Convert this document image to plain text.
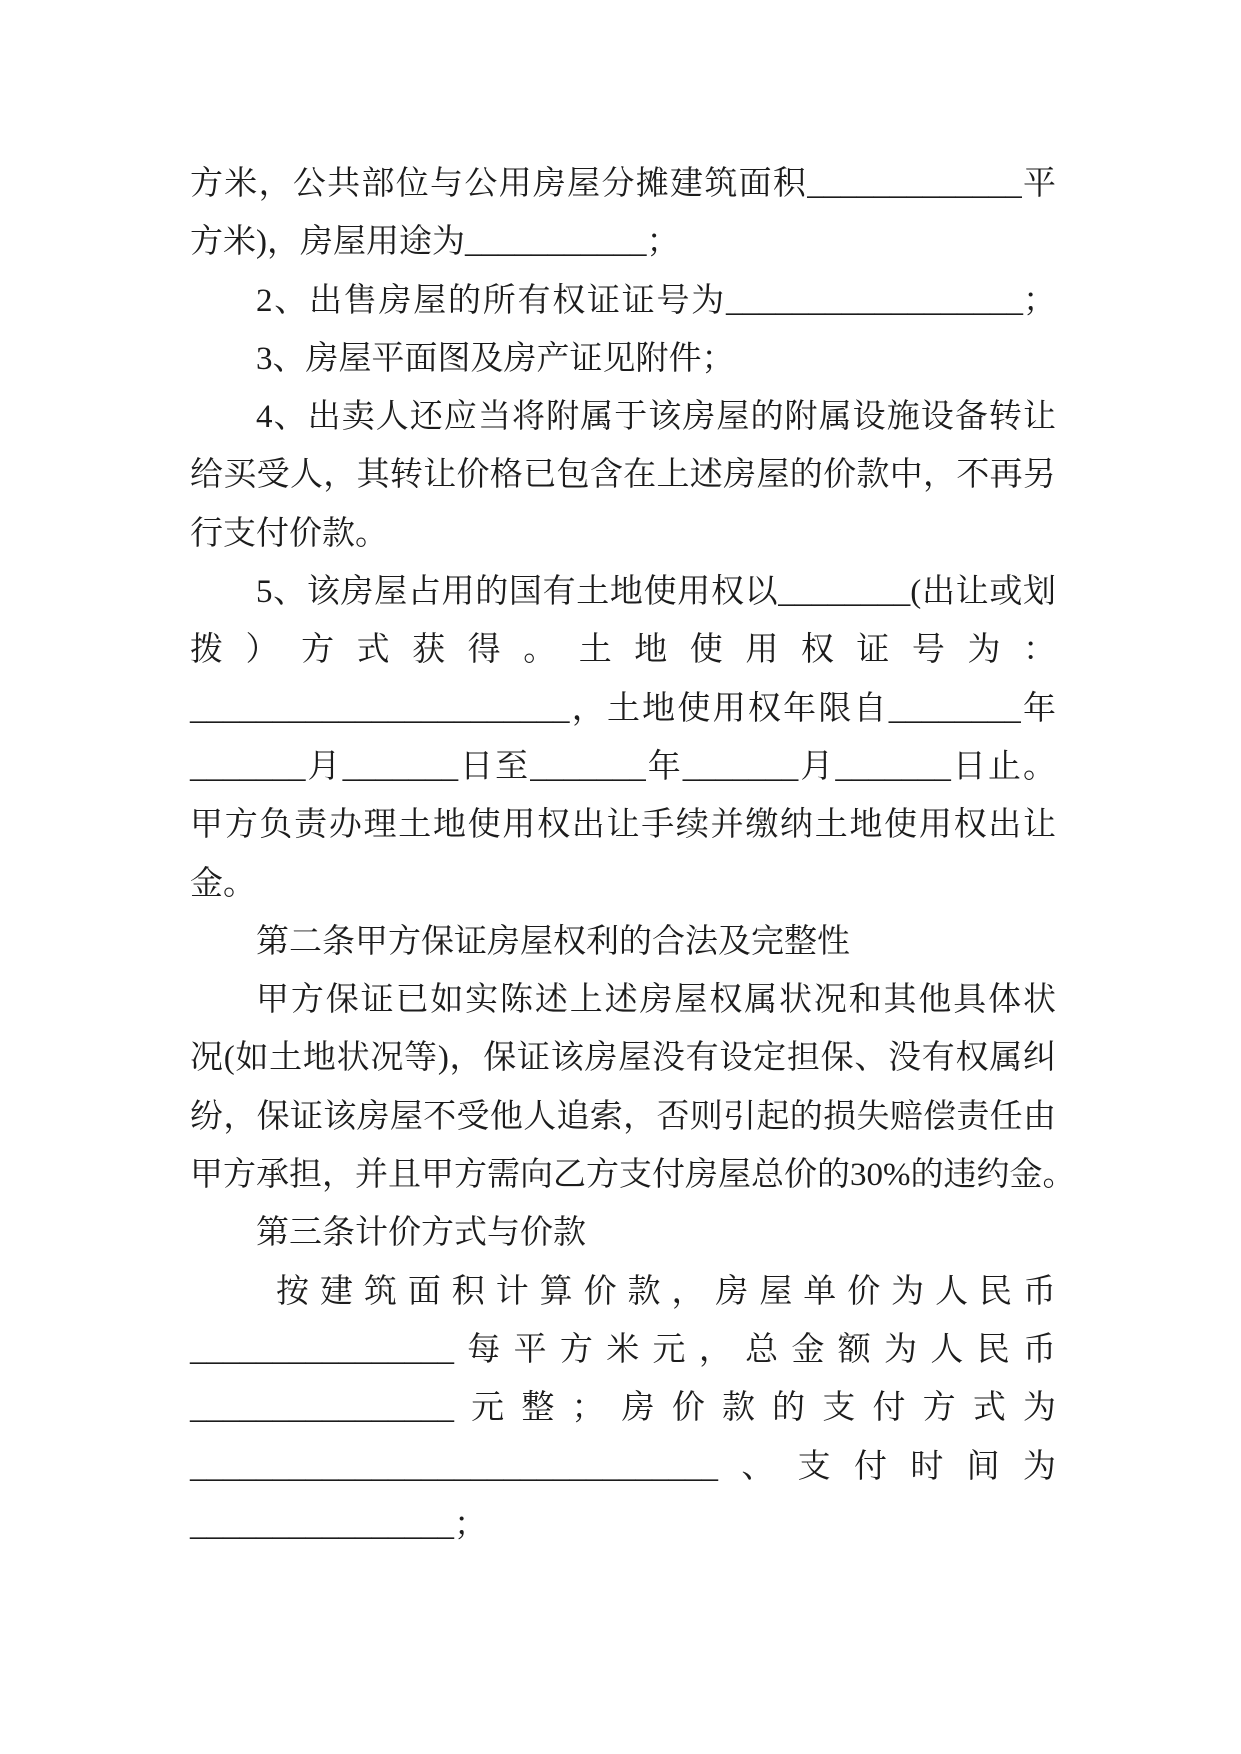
方米，公共部位与公用房屋分摊建筑面积_____________平
方米)，房屋用途为___________；
2、出售房屋的所有权证证号为__________________；
3、房屋平面图及房产证见附件；
4、出卖人还应当将附属于该房屋的附属设施设备转让
给买受人，其转让价格已包含在上述房屋的价款中，不再另
行支付价款。
5、该房屋占用的国有土地使用权以________(出让或划
拨）方式获得。土地使用权证号为：
_______________________，土地使用权年限自________年
_______月_______日至_______年_______月_______日止。
甲方负责办理土地使用权出让手续并缴纳土地使用权出让
金。
第二条甲方保证房屋权利的合法及完整性
甲方保证已如实陈述上述房屋权属状况和其他具体状
况(如土地状况等)，保证该房屋没有设定担保、没有权属纠
纷，保证该房屋不受他人追索，否则引起的损失赔偿责任由
甲方承担，并且甲方需向乙方支付房屋总价的30%的违约金。
第三条计价方式与价款
按建筑面积计算价款，房屋单价为人民币
________________每平方米元，总金额为人民币
________________元整；房价款的支付方式为
________________________________、支付时间为
________________；
